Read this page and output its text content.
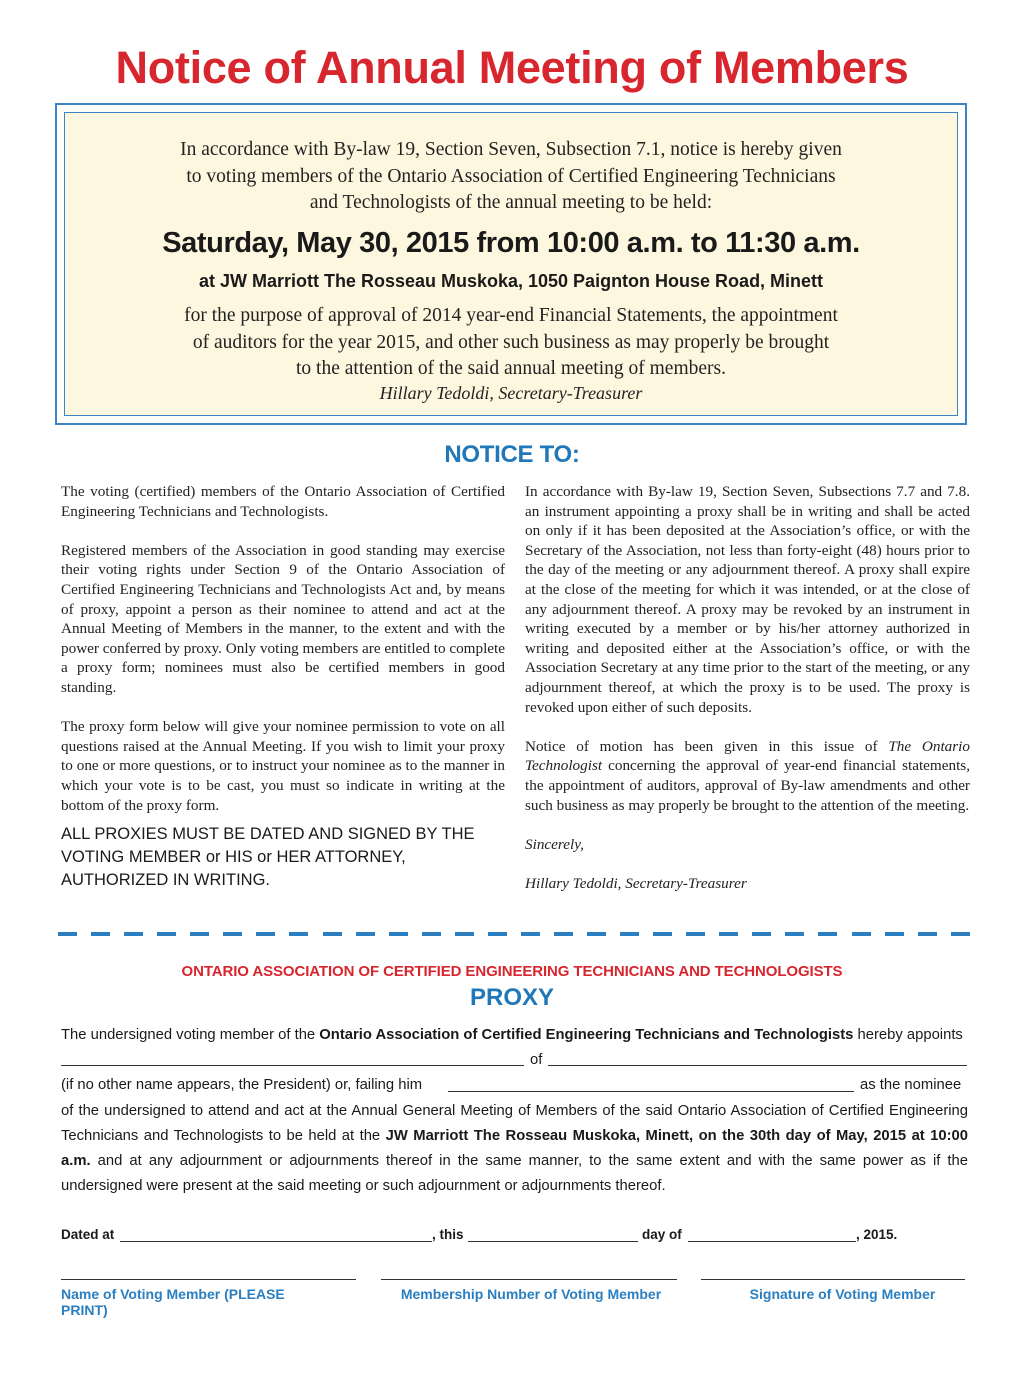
Notice of Annual Meeting of Members
In accordance with By-law 19, Section Seven, Subsection 7.1, notice is hereby given
to voting members of the Ontario Association of Certified Engineering Technicians
and Technologists of the annual meeting to be held:
Saturday, May 30, 2015 from 10:00 a.m. to 11:30 a.m.
at JW Marriott The Rosseau Muskoka, 1050 Paignton House Road, Minett
for the purpose of approval of 2014 year-end Financial Statements, the appointment
of auditors for the year 2015, and other such business as may properly be brought
to the attention of the said annual meeting of members.
Hillary Tedoldi, Secretary-Treasurer
NOTICE TO:

The voting (certified) members of the Ontario Association of Certified Engineering Technicians and Technologists.

Registered members of the Association in good standing may exercise their voting rights under Section 9 of the Ontario Association of Certified Engineering Technicians and Technologists Act and, by means of proxy, appoint a person as their nominee to attend and act at the Annual Meeting of Members in the manner, to the extent and with the power conferred by proxy. Only voting members are entitled to complete a proxy form; nominees must also be certified members in good standing.

The proxy form below will give your nominee permission to vote on all questions raised at the Annual Meeting. If you wish to limit your proxy to one or more questions, or to instruct your nominee as to the manner in which your vote is to be cast, you must so indicate in writing at the bottom of the proxy form.

ALL PROXIES MUST BE DATED AND SIGNED BY THE VOTING MEMBER or HIS or HER ATTORNEY, AUTHORIZED IN WRITING.

In accordance with By-law 19, Section Seven, Subsections 7.7 and 7.8. an instrument appointing a proxy shall be in writing and shall be acted on only if it has been deposited at the Association’s office, or with the Secretary of the Association, not less than forty-eight (48) hours prior to the day of the meeting or any adjournment thereof. A proxy shall expire at the close of the meeting for which it was intended, or at the close of any adjournment thereof. A proxy may be revoked by an instrument in writing executed by a member or by his/her attorney authorized in writing and deposited either at the Association’s office, or with the Association Secretary at any time prior to the start of the meeting, or any adjournment thereof, at which the proxy is to be used. The proxy is revoked upon either of such deposits.

Notice of motion has been given in this issue of The Ontario Technologist concerning the approval of year-end financial statements, the appointment of auditors, approval of By-law amendments and other such business as may properly be brought to the attention of the meeting.

Sincerely,

Hillary Tedoldi, Secretary-Treasurer

ONTARIO ASSOCIATION OF CERTIFIED ENGINEERING TECHNICIANS AND TECHNOLOGISTS
PROXY
The undersigned voting member of the Ontario Association of Certified Engineering Technicians and Technologists hereby appoints
of
(if no other name appears, the President) or, failing him	as the nominee
of the undersigned to attend and act at the Annual General Meeting of Members of the said Ontario Association of Certified Engineering Technicians and Technologists to be held at the JW Marriott The Rosseau Muskoka, Minett, on the 30th day of May, 2015 at 10:00 a.m. and at any adjournment or adjournments thereof in the same manner, to the same extent and with the same power as if the undersigned were present at the said meeting or such adjournment or adjournments thereof.
Dated at	, this	day of	, 2015.
Name of Voting Member (PLEASE PRINT)
Membership Number of Voting Member	Signature of Voting Member
